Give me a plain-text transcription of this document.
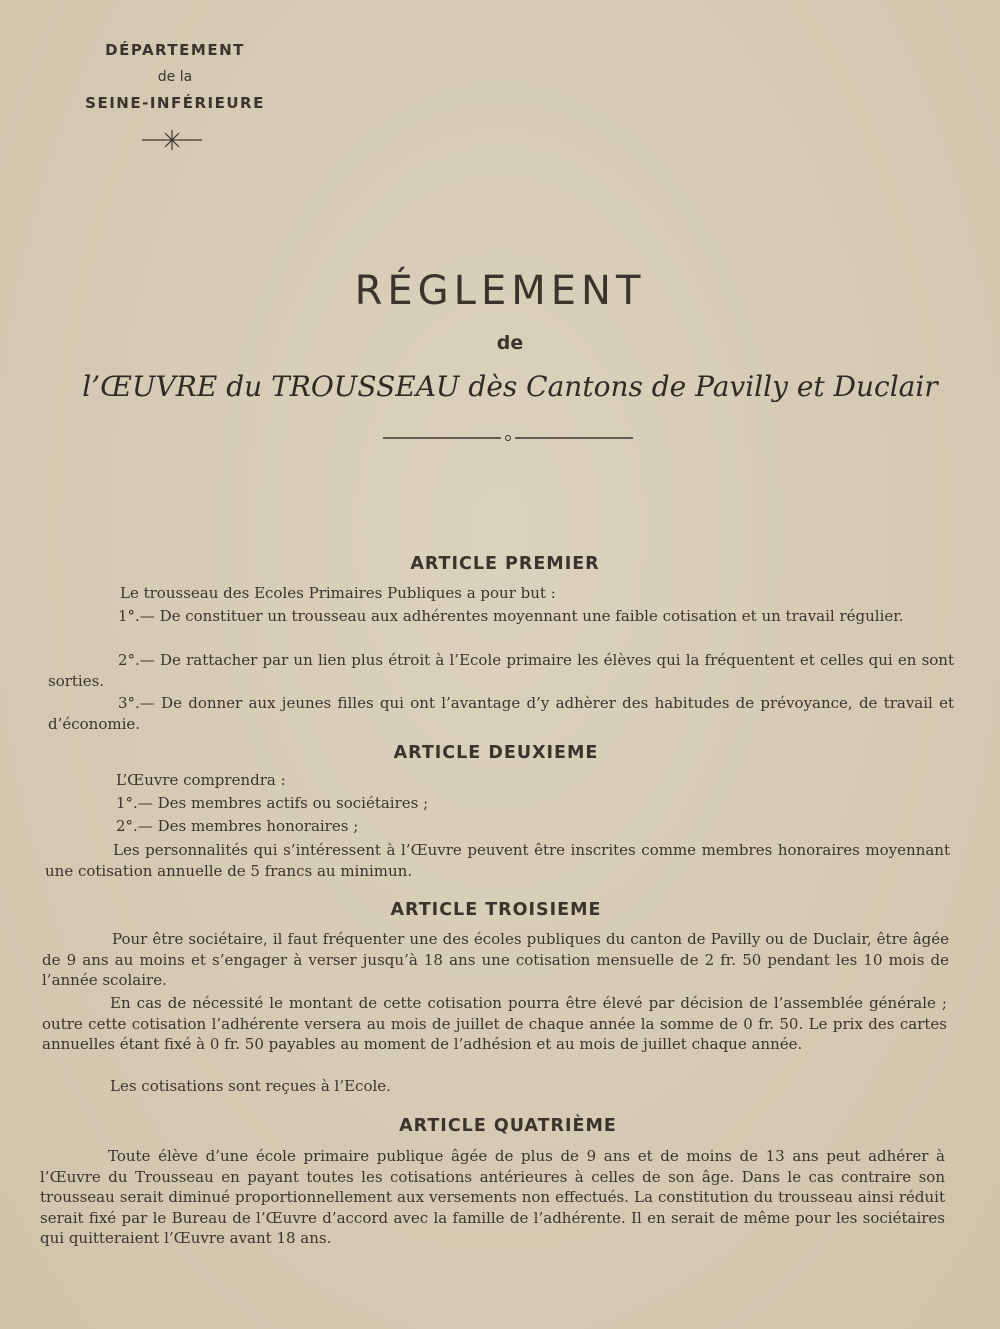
DÉPARTEMENT
de la
SEINE-INFÉRIEURE
RÉGLEMENT
de
l’ŒUVRE du TROUSSEAU dès Cantons de Pavilly et Duclair
ARTICLE PREMIER
Le trousseau des Ecoles Primaires Publiques a pour but :
1°.— De constituer un trousseau aux adhérentes moyennant une faible cotisation et un travail régulier.
2°.— De rattacher par un lien plus étroit à l’Ecole primaire les élèves qui la fréquentent et celles qui en sont sorties.
3°.— De donner aux jeunes filles qui ont l’avantage d’y adhèrer des habitudes de prévoyance, de travail et d’économie.
ARTICLE DEUXIEME
L’Œuvre comprendra :
1°.— Des membres actifs ou sociétaires ;
2°.— Des membres honoraires ;
Les personnalités qui s’intéressent à l’Œuvre peuvent être inscrites comme membres honoraires moyennant une cotisation annuelle de 5 francs au minimun.
ARTICLE TROISIEME
Pour être sociétaire, il faut fréquenter une des écoles publiques du canton de Pavilly ou de Duclair, être âgée de 9 ans au moins et s’engager à verser jusqu’à 18 ans une cotisation mensuelle de 2 fr. 50 pendant les 10 mois de l’année scolaire.
En cas de nécessité le montant de cette cotisation pourra être élevé par décision de l’assemblée générale ; outre cette cotisation l’adhérente versera au mois de juillet de chaque année la somme de 0 fr. 50. Le prix des cartes annuelles étant fixé à 0 fr. 50 payables au moment de l’adhésion et au mois de juillet chaque année.
Les cotisations sont reçues à l’Ecole.
ARTICLE QUATRIÈME
Toute élève d’une école primaire publique âgée de plus de 9 ans et de moins de 13 ans peut adhérer à l’Œuvre du Trousseau en payant toutes les cotisations antérieures à celles de son âge. Dans le cas contraire son trousseau serait diminué proportionnellement aux versements non effectués. La constitution du trousseau ainsi réduit serait fixé par le Bureau de l’Œuvre d’accord avec la famille de l’adhérente. Il en serait de même pour les sociétaires qui quitteraient l’Œuvre avant 18 ans.
